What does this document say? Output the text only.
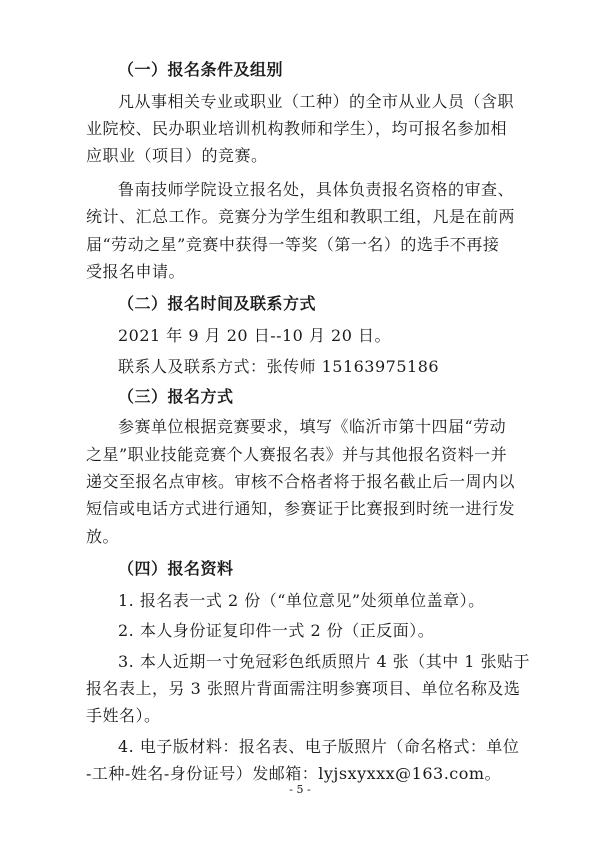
（一）报名条件及组别
凡从事相关专业或职业（工种）的全市从业人员（含职
业院校、民办职业培训机构教师和学生），均可报名参加相
应职业（项目）的竞赛。
鲁南技师学院设立报名处，具体负责报名资格的审查、
统计、汇总工作。竞赛分为学生组和教职工组，凡是在前两
届“劳动之星”竞赛中获得一等奖（第一名）的选手不再接
受报名申请。
（二）报名时间及联系方式
2021 年 9 月 20 日--10 月 20 日。
联系人及联系方式：张传师 15163975186
（三）报名方式
参赛单位根据竞赛要求，填写《临沂市第十四届“劳动
之星”职业技能竞赛个人赛报名表》并与其他报名资料一并
递交至报名点审核。审核不合格者将于报名截止后一周内以
短信或电话方式进行通知，参赛证于比赛报到时统一进行发
放。
（四）报名资料
1. 报名表一式 2 份（“单位意见”处须单位盖章）。
2. 本人身份证复印件一式 2 份（正反面）。
3. 本人近期一寸免冠彩色纸质照片 4 张（其中 1 张贴于
报名表上，另 3 张照片背面需注明参赛项目、单位名称及选
手姓名）。
4. 电子版材料：报名表、电子版照片（命名格式：单位
-工种-姓名-身份证号）发邮箱：lyjsxyxxx@163.com。
- 5 -
